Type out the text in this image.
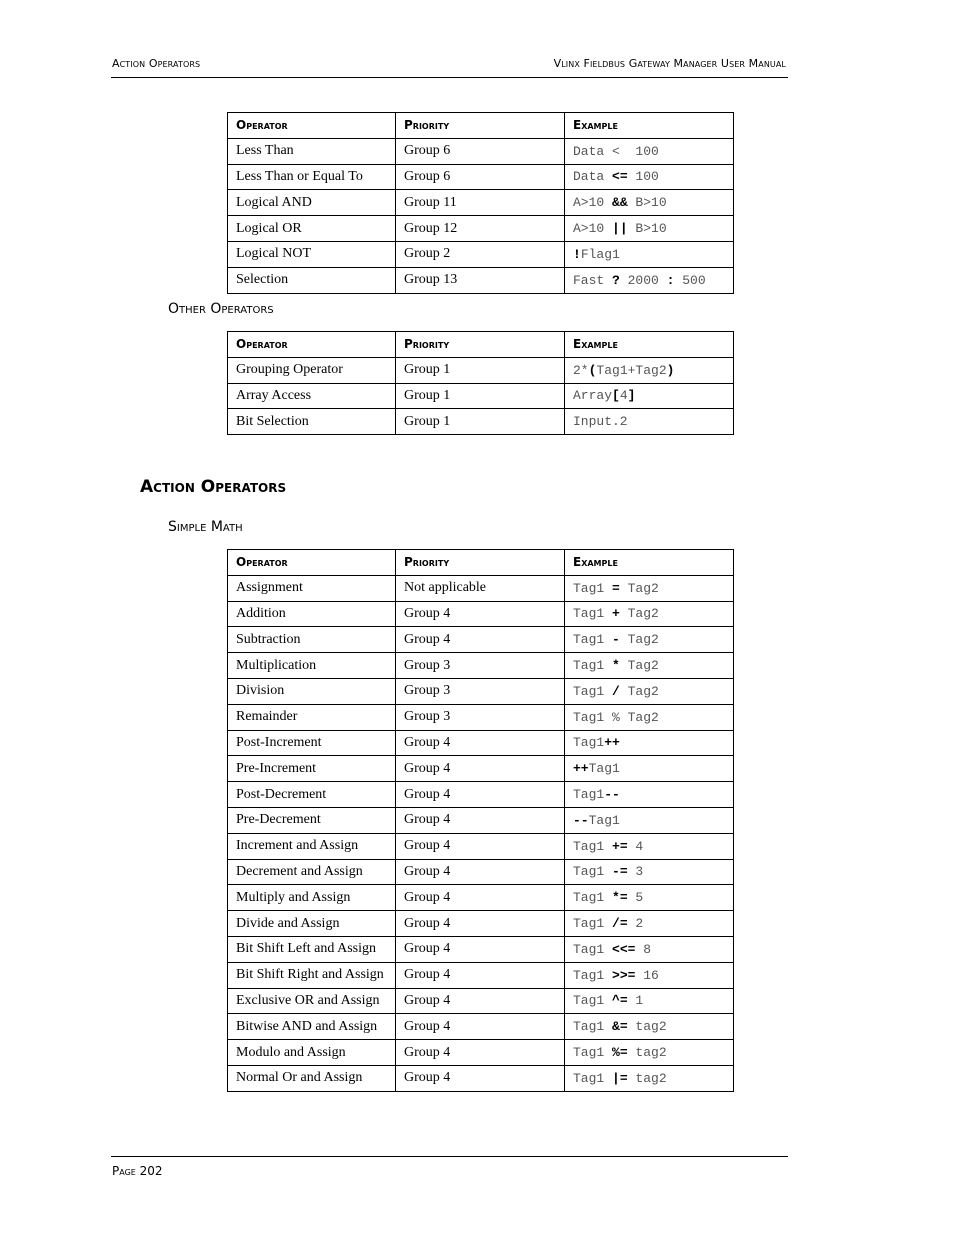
Action Operators	Vlinx Fieldbus Gateway Manager User Manual
Operator	Priority	Example
Less Than	Group 6	Data <  100
Less Than or Equal To	Group 6	Data <= 100
Logical AND	Group 11	A>10 && B>10
Logical OR	Group 12	A>10 || B>10
Logical NOT	Group 2	!Flag1
Selection	Group 13	Fast ? 2000 : 500
Other Operators
Operator	Priority	Example
Grouping Operator	Group 1	2*(Tag1+Tag2)
Array Access	Group 1	Array[4]
Bit Selection	Group 1	Input.2
Action Operators
Simple Math
Operator	Priority	Example
Assignment	Not applicable	Tag1 = Tag2
Addition	Group 4	Tag1 + Tag2
Subtraction	Group 4	Tag1 - Tag2
Multiplication	Group 3	Tag1 * Tag2
Division	Group 3	Tag1 / Tag2
Remainder	Group 3	Tag1 % Tag2
Post-Increment	Group 4	Tag1++
Pre-Increment	Group 4	++Tag1
Post-Decrement	Group 4	Tag1--
Pre-Decrement	Group 4	--Tag1
Increment and Assign	Group 4	Tag1 += 4
Decrement and Assign	Group 4	Tag1 -= 3
Multiply and Assign	Group 4	Tag1 *= 5
Divide and Assign	Group 4	Tag1 /= 2
Bit Shift Left and Assign	Group 4	Tag1 <<= 8
Bit Shift Right and Assign	Group 4	Tag1 >>= 16
Exclusive OR and Assign	Group 4	Tag1 ^= 1
Bitwise AND and Assign	Group 4	Tag1 &= tag2
Modulo and Assign	Group 4	Tag1 %= tag2
Normal Or and Assign	Group 4	Tag1 |= tag2
Page 202
